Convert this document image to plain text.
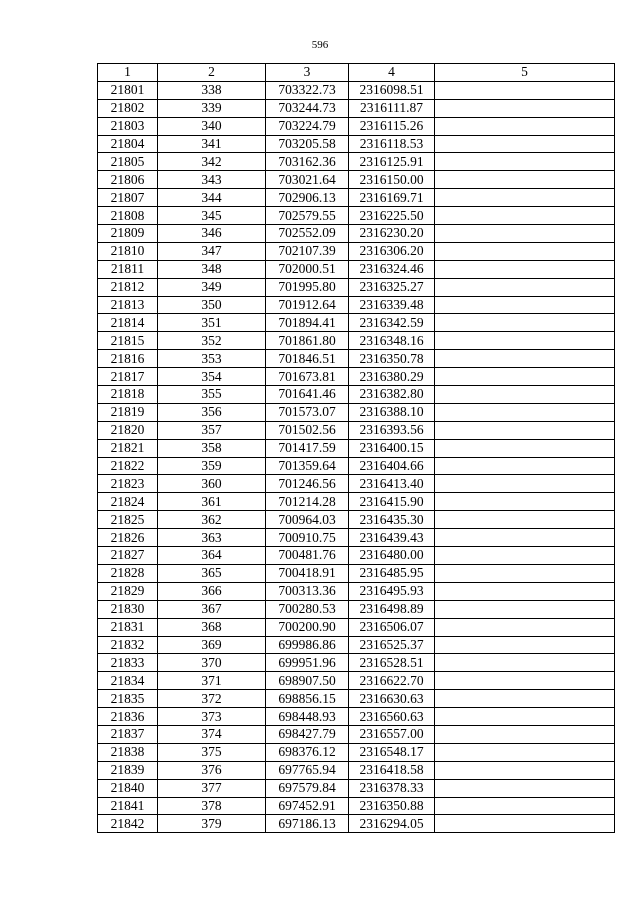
596
1	2	3	4	5
21801	338	703322.73	2316098.51	
21802	339	703244.73	2316111.87	
21803	340	703224.79	2316115.26	
21804	341	703205.58	2316118.53	
21805	342	703162.36	2316125.91	
21806	343	703021.64	2316150.00	
21807	344	702906.13	2316169.71	
21808	345	702579.55	2316225.50	
21809	346	702552.09	2316230.20	
21810	347	702107.39	2316306.20	
21811	348	702000.51	2316324.46	
21812	349	701995.80	2316325.27	
21813	350	701912.64	2316339.48	
21814	351	701894.41	2316342.59	
21815	352	701861.80	2316348.16	
21816	353	701846.51	2316350.78	
21817	354	701673.81	2316380.29	
21818	355	701641.46	2316382.80	
21819	356	701573.07	2316388.10	
21820	357	701502.56	2316393.56	
21821	358	701417.59	2316400.15	
21822	359	701359.64	2316404.66	
21823	360	701246.56	2316413.40	
21824	361	701214.28	2316415.90	
21825	362	700964.03	2316435.30	
21826	363	700910.75	2316439.43	
21827	364	700481.76	2316480.00	
21828	365	700418.91	2316485.95	
21829	366	700313.36	2316495.93	
21830	367	700280.53	2316498.89	
21831	368	700200.90	2316506.07	
21832	369	699986.86	2316525.37	
21833	370	699951.96	2316528.51	
21834	371	698907.50	2316622.70	
21835	372	698856.15	2316630.63	
21836	373	698448.93	2316560.63	
21837	374	698427.79	2316557.00	
21838	375	698376.12	2316548.17	
21839	376	697765.94	2316418.58	
21840	377	697579.84	2316378.33	
21841	378	697452.91	2316350.88	
21842	379	697186.13	2316294.05	
